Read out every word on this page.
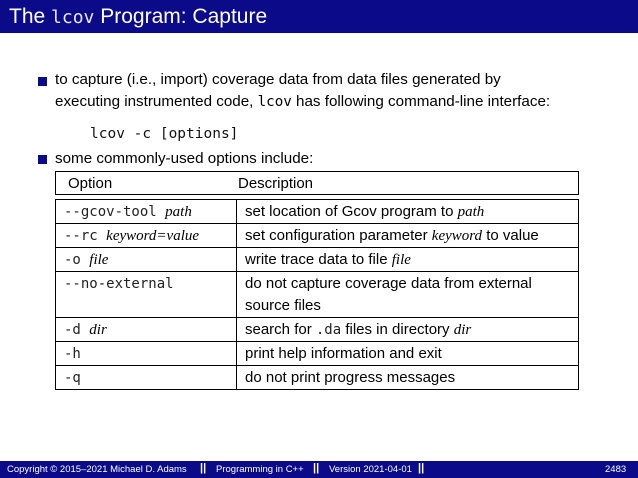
The lcov Program: Capture
to capture (i.e., import) coverage data from data files generated by
executing instrumented code, lcov has following command-line interface:
lcov -c [options]
some commonly-used options include:
Option	Description
--gcov-tool path	set location of Gcov program to path
--rc keyword=value	set configuration parameter keyword to value
-o file	write trace data to file file
--no-external	do not capture coverage data from external source files
-d dir	search for .da files in directory dir
-h	print help information and exit
-q	do not print progress messages
Copyright © 2015–2021 Michael D. Adams || Programming in C++ || Version 2021-04-01 ||	2483
